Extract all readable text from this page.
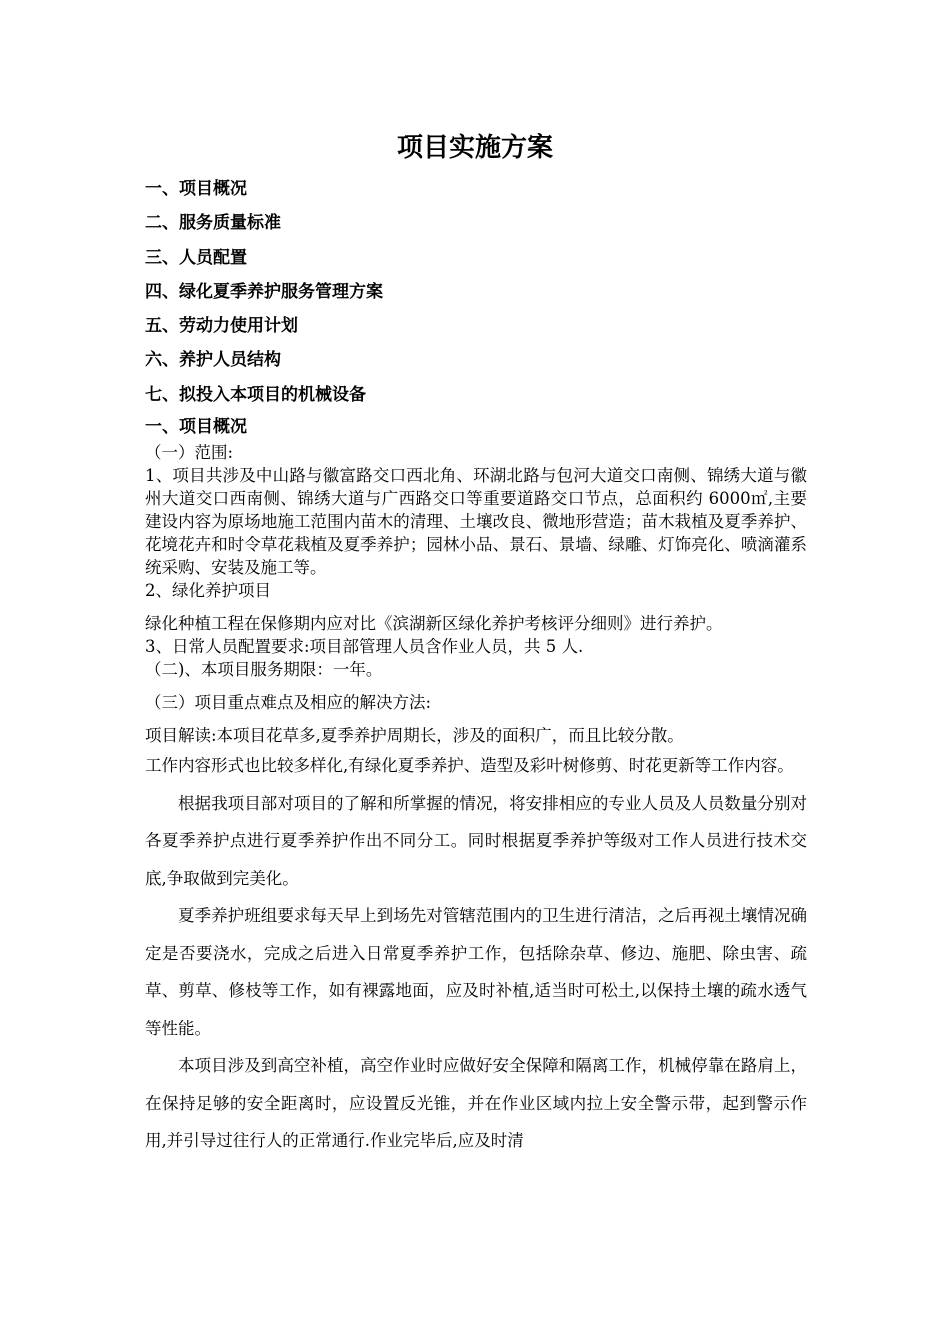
项目实施方案
一、项目概况
二、服务质量标准
三、人员配置
四、绿化夏季养护服务管理方案
五、劳动力使用计划
六、养护人员结构
七、拟投入本项目的机械设备
一、项目概况
（一）范围:
1、项目共涉及中山路与徽富路交口西北角、环湖北路与包河大道交口南侧、锦绣大道与徽州大道交口西南侧、锦绣大道与广西路交口等重要道路交口节点，总面积约 6000㎡,主要建设内容为原场地施工范围内苗木的清理、土壤改良、微地形营造；苗木栽植及夏季养护、花境花卉和时令草花栽植及夏季养护；园林小品、景石、景墙、绿雕、灯饰亮化、喷滴灌系统采购、安装及施工等。
2、绿化养护项目
绿化种植工程在保修期内应对比《滨湖新区绿化养护考核评分细则》进行养护。
3、日常人员配置要求:项目部管理人员含作业人员，共 5 人.
（二)、本项目服务期限：一年。
（三）项目重点难点及相应的解决方法:
项目解读:本项目花草多,夏季养护周期长，涉及的面积广，而且比较分散。
工作内容形式也比较多样化,有绿化夏季养护、造型及彩叶树修剪、时花更新等工作内容。
根据我项目部对项目的了解和所掌握的情况，将安排相应的专业人员及人员数量分别对各夏季养护点进行夏季养护作出不同分工。同时根据夏季养护等级对工作人员进行技术交底,争取做到完美化。
夏季养护班组要求每天早上到场先对管辖范围内的卫生进行清洁，之后再视土壤情况确定是否要浇水，完成之后进入日常夏季养护工作，包括除杂草、修边、施肥、除虫害、疏草、剪草、修枝等工作，如有裸露地面，应及时补植,适当时可松土,以保持土壤的疏水透气等性能。
本项目涉及到高空补植，高空作业时应做好安全保障和隔离工作，机械停靠在路肩上，在保持足够的安全距离时，应设置反光锥，并在作业区域内拉上安全警示带，起到警示作用,并引导过往行人的正常通行.作业完毕后,应及时清
